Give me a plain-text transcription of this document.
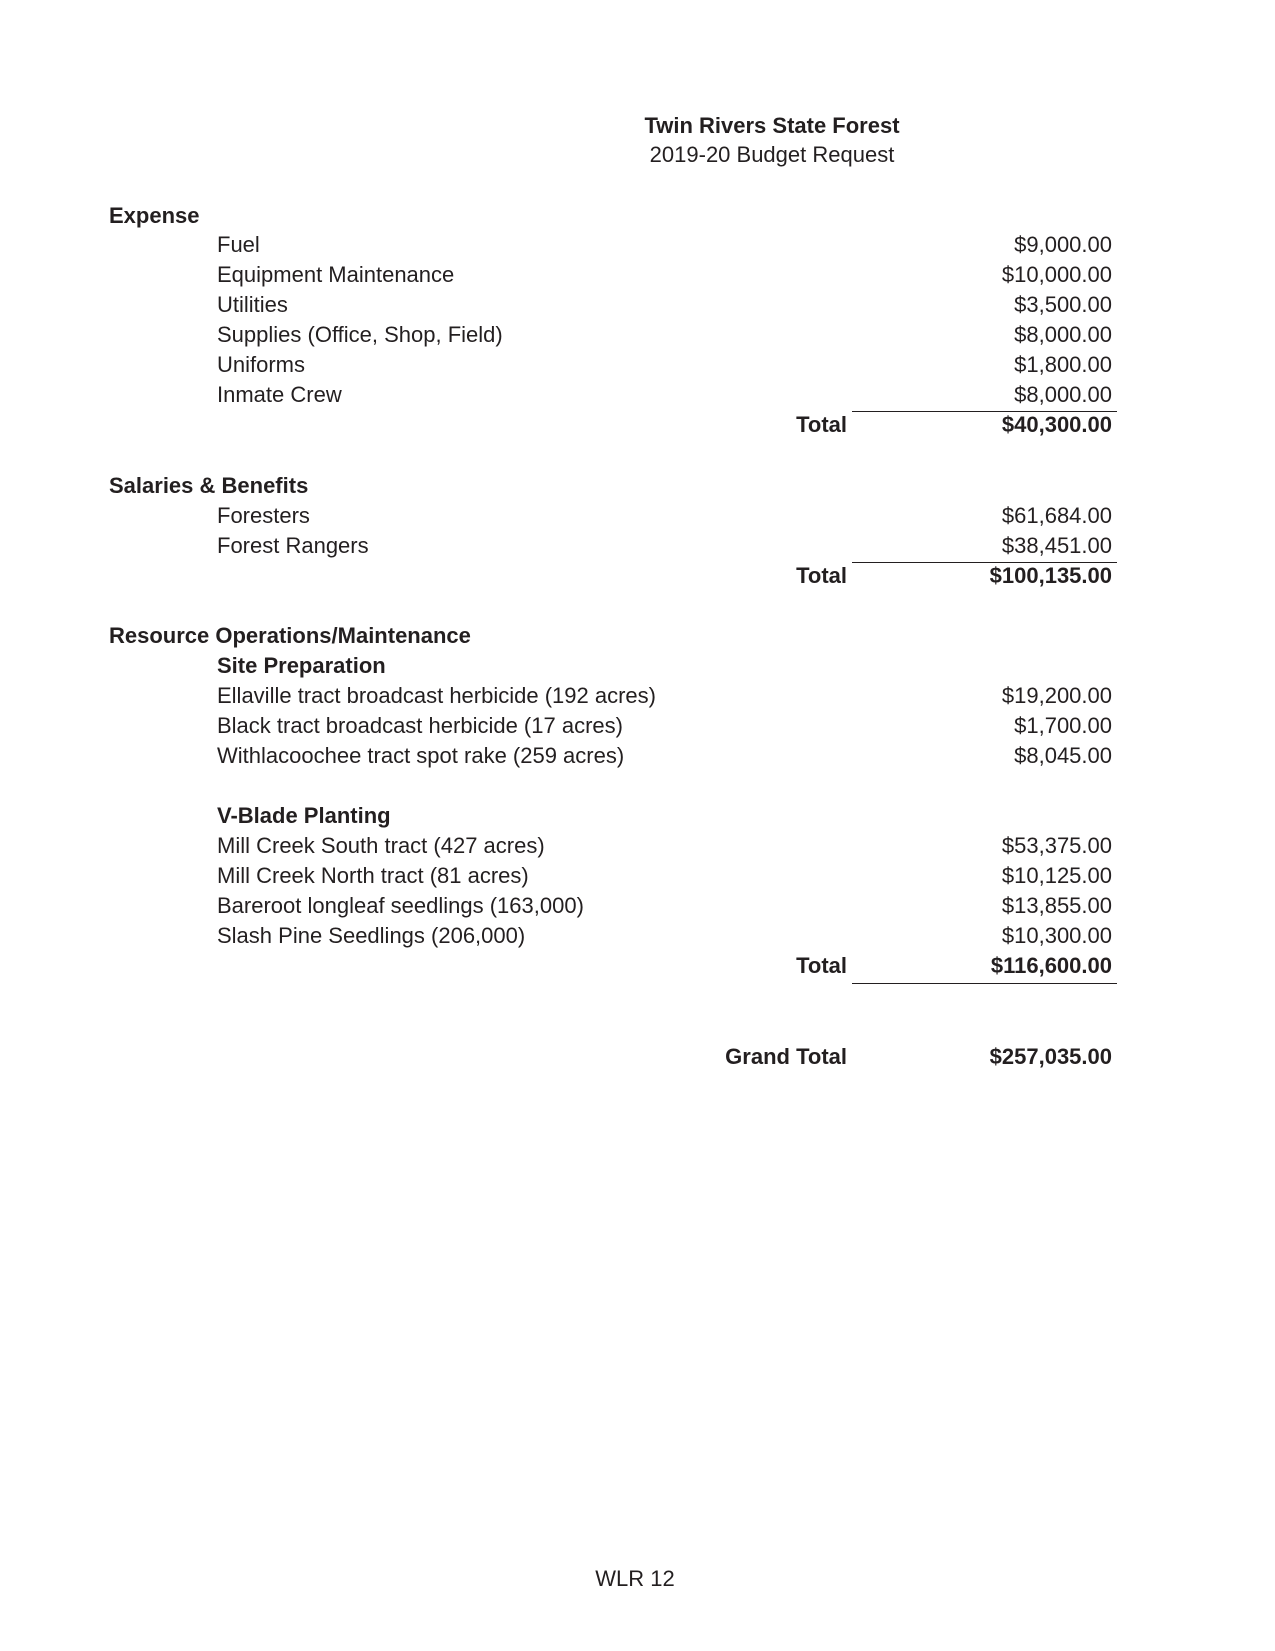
Twin Rivers State Forest
2019-20 Budget Request
Expense
Fuel	$9,000.00
Equipment Maintenance	$10,000.00
Utilities	$3,500.00
Supplies (Office, Shop, Field)	$8,000.00
Uniforms	$1,800.00
Inmate Crew	$8,000.00
Total	$40,300.00
Salaries & Benefits
Foresters	$61,684.00
Forest Rangers	$38,451.00
Total	$100,135.00
Resource Operations/Maintenance
Site Preparation
Ellaville tract broadcast herbicide (192 acres)	$19,200.00
Black tract broadcast herbicide (17 acres)	$1,700.00
Withlacoochee tract spot rake (259 acres)	$8,045.00
V-Blade Planting
Mill Creek South tract (427 acres)	$53,375.00
Mill Creek North tract (81 acres)	$10,125.00
Bareroot longleaf seedlings (163,000)	$13,855.00
Slash Pine Seedlings (206,000)	$10,300.00
Total	$116,600.00
Grand Total	$257,035.00
WLR 12
